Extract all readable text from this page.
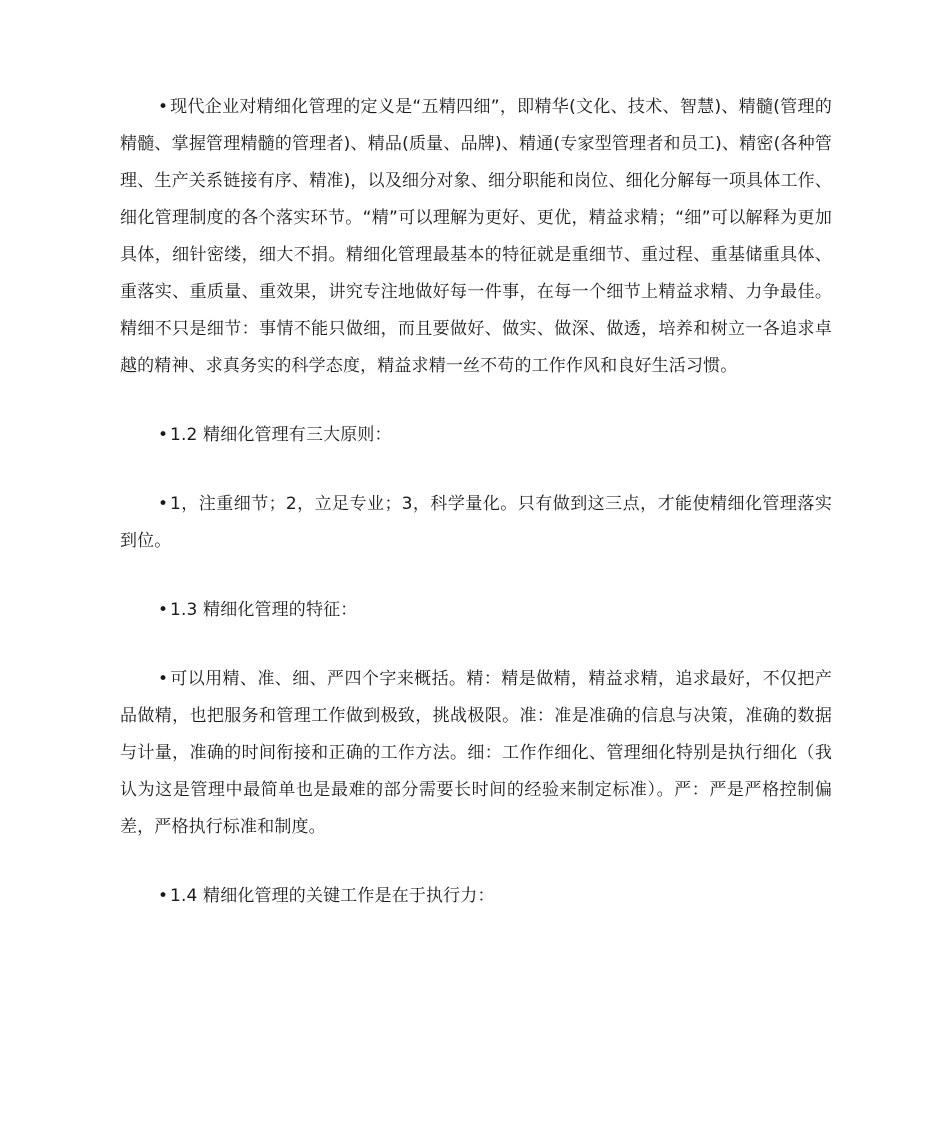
• 现代企业对精细化管理的定义是“五精四细”，即精华(文化、技术、智慧)、精髓(管理的精髓、掌握管理精髓的管理者)、精品(质量、品牌)、精通(专家型管理者和员工)、精密(各种管理、生产关系链接有序、精准)，以及细分对象、细分职能和岗位、细化分解每一项具体工作、细化管理制度的各个落实环节。“精”可以理解为更好、更优，精益求精；“细”可以解释为更加具体，细针密缕，细大不捐。精细化管理最基本的特征就是重细节、重过程、重基储重具体、重落实、重质量、重效果，讲究专注地做好每一件事，在每一个细节上精益求精、力争最佳。精细不只是细节：事情不能只做细，而且要做好、做实、做深、做透，培养和树立一各追求卓越的精神、求真务实的科学态度，精益求精一丝不苟的工作作风和良好生活习惯。

• 1.2 精细化管理有三大原则：

• 1，注重细节；2，立足专业；3，科学量化。只有做到这三点，才能使精细化管理落实到位。

• 1.3 精细化管理的特征：

• 可以用精、准、细、严四个字来概括。精：精是做精，精益求精，追求最好，不仅把产品做精，也把服务和管理工作做到极致，挑战极限。准：准是准确的信息与决策，准确的数据与计量，准确的时间衔接和正确的工作方法。细：工作作细化、管理细化特别是执行细化（我认为这是管理中最简单也是最难的部分需要长时间的经验来制定标准）。严：严是严格控制偏差，严格执行标准和制度。

• 1.4 精细化管理的关键工作是在于执行力：
